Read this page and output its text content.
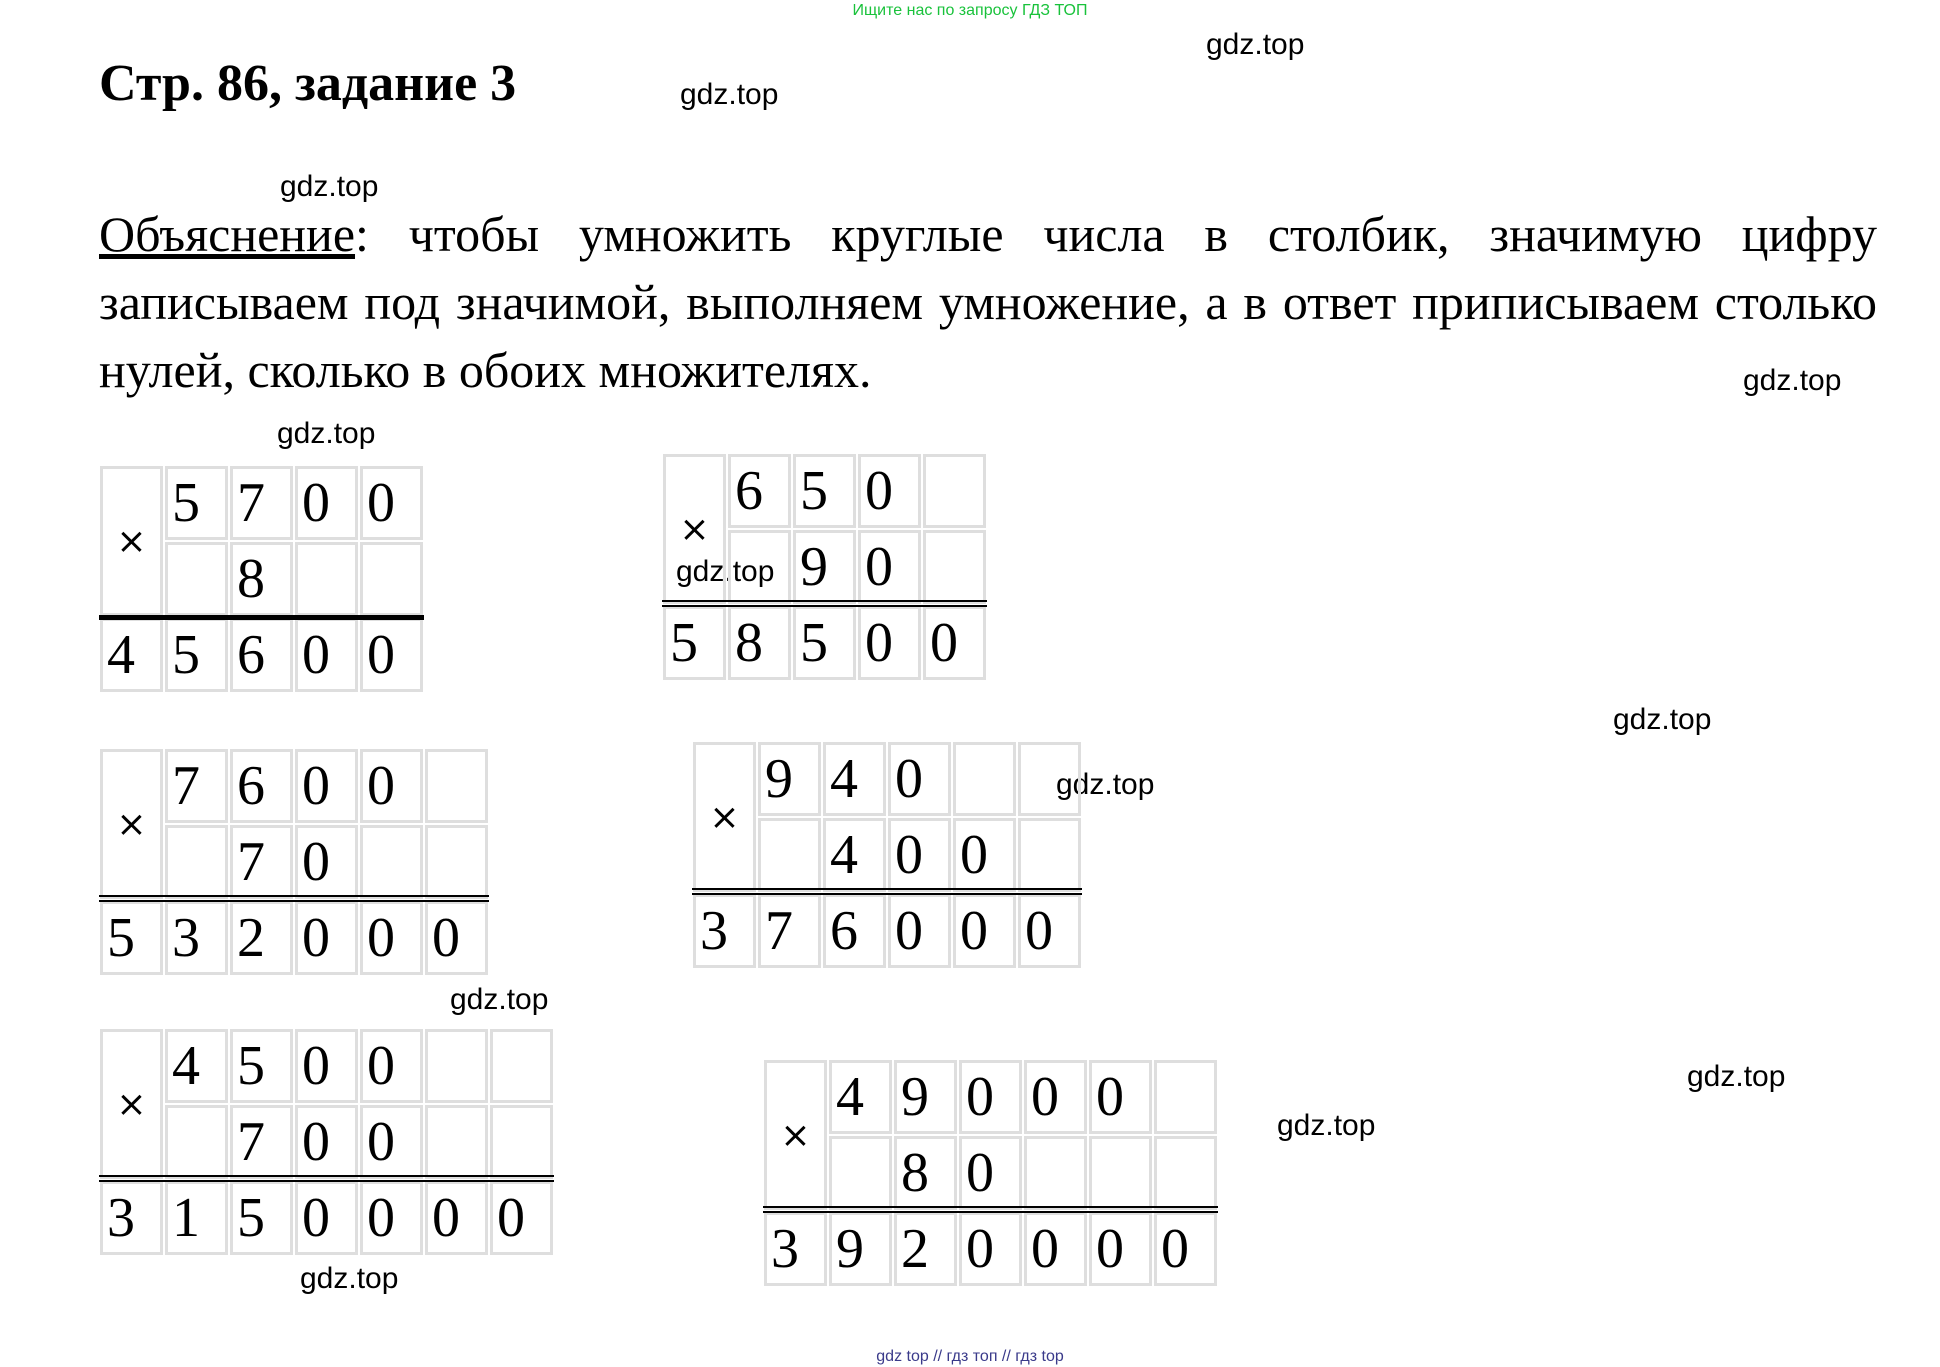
Ищите нас по запросу ГДЗ ТОП
Стр. 86, задание 3

Объяснение: чтобы умножить круглые числа в столбик, значимую цифру записываем под значимой, выполняем умножение, а в ответ приписываем столько нулей, сколько в обоих множителях.

gdz.top
gdz.top
gdz.top
gdz.top
gdz.top
gdz.top
gdz.top
gdz.top
gdz.top
gdz.top
gdz.top
gdz.top
5 7 0 0
8
4 5 6 0 0
×
6 5 0
9 0
5 8 5 0 0
×
7 6 0 0
7 0
5 3 2 0 0 0
×
9 4 0
4 0 0
3 7 6 0 0 0
×
4 5 0 0
7 0 0
3 1 5 0 0 0 0
×	4 9 0 0 0
8 0
3 9 2 0 0 0 0
×
gdz top // гдз топ // гдз top
